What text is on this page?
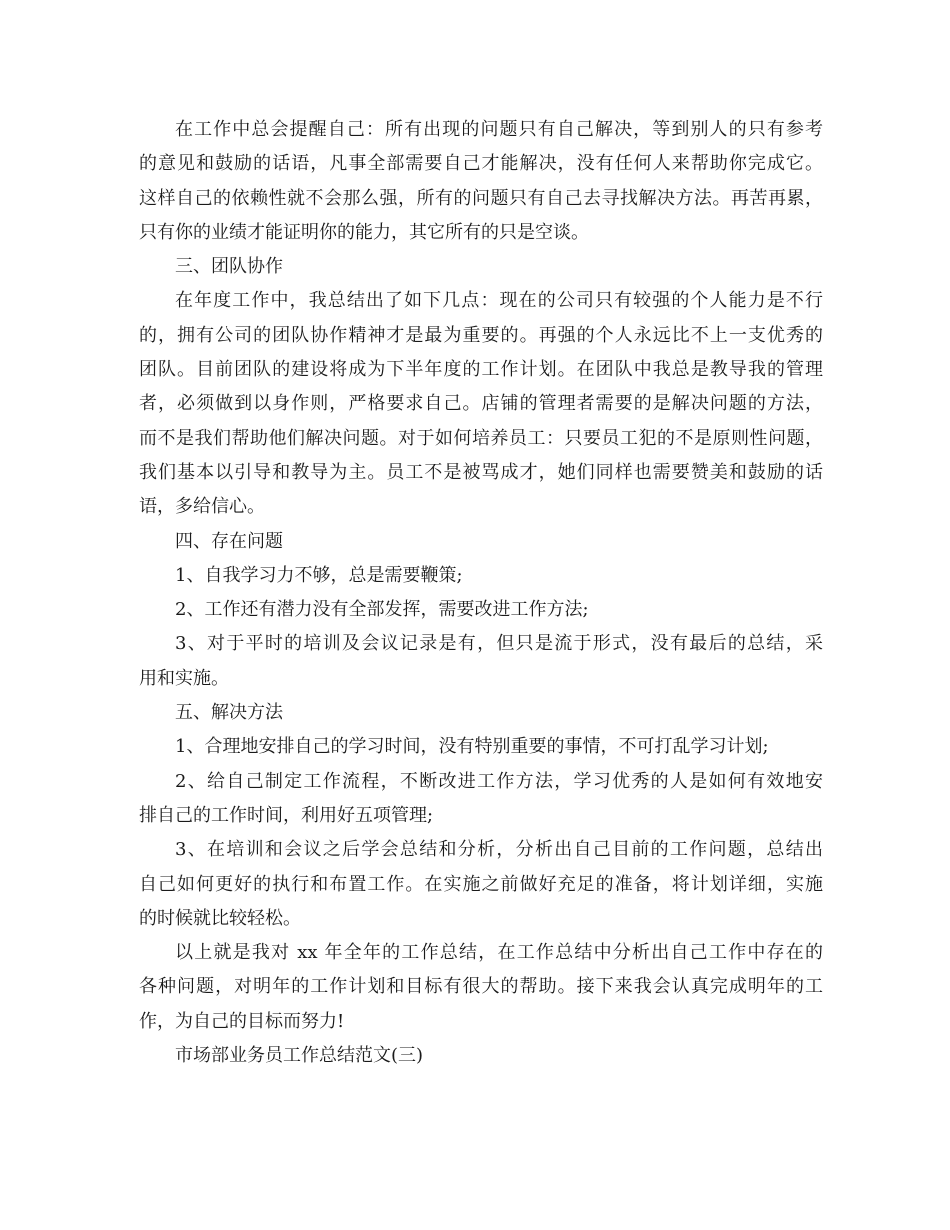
在工作中总会提醒自己：所有出现的问题只有自己解决，等到别人的只有参考
的意见和鼓励的话语，凡事全部需要自己才能解决，没有任何人来帮助你完成它。
这样自己的依赖性就不会那么强，所有的问题只有自己去寻找解决方法。再苦再累，
只有你的业绩才能证明你的能力，其它所有的只是空谈。
三、团队协作
在年度工作中，我总结出了如下几点：现在的公司只有较强的个人能力是不行
的，拥有公司的团队协作精神才是最为重要的。再强的个人永远比不上一支优秀的
团队。目前团队的建设将成为下半年度的工作计划。在团队中我总是教导我的管理
者，必须做到以身作则，严格要求自己。店铺的管理者需要的是解决问题的方法，
而不是我们帮助他们解决问题。对于如何培养员工：只要员工犯的不是原则性问题，
我们基本以引导和教导为主。员工不是被骂成才，她们同样也需要赞美和鼓励的话
语，多给信心。
四、存在问题
1、自我学习力不够，总是需要鞭策;
2、工作还有潜力没有全部发挥，需要改进工作方法;
3、对于平时的培训及会议记录是有，但只是流于形式，没有最后的总结，采
用和实施。
五、解决方法
1、合理地安排自己的学习时间，没有特别重要的事情，不可打乱学习计划;
2、给自己制定工作流程，不断改进工作方法，学习优秀的人是如何有效地安
排自己的工作时间，利用好五项管理;
3、在培训和会议之后学会总结和分析，分析出自己目前的工作问题，总结出
自己如何更好的执行和布置工作。在实施之前做好充足的准备，将计划详细，实施
的时候就比较轻松。
以上就是我对 xx 年全年的工作总结，在工作总结中分析出自己工作中存在的
各种问题，对明年的工作计划和目标有很大的帮助。接下来我会认真完成明年的工
作，为自己的目标而努力!
市场部业务员工作总结范文(三)
